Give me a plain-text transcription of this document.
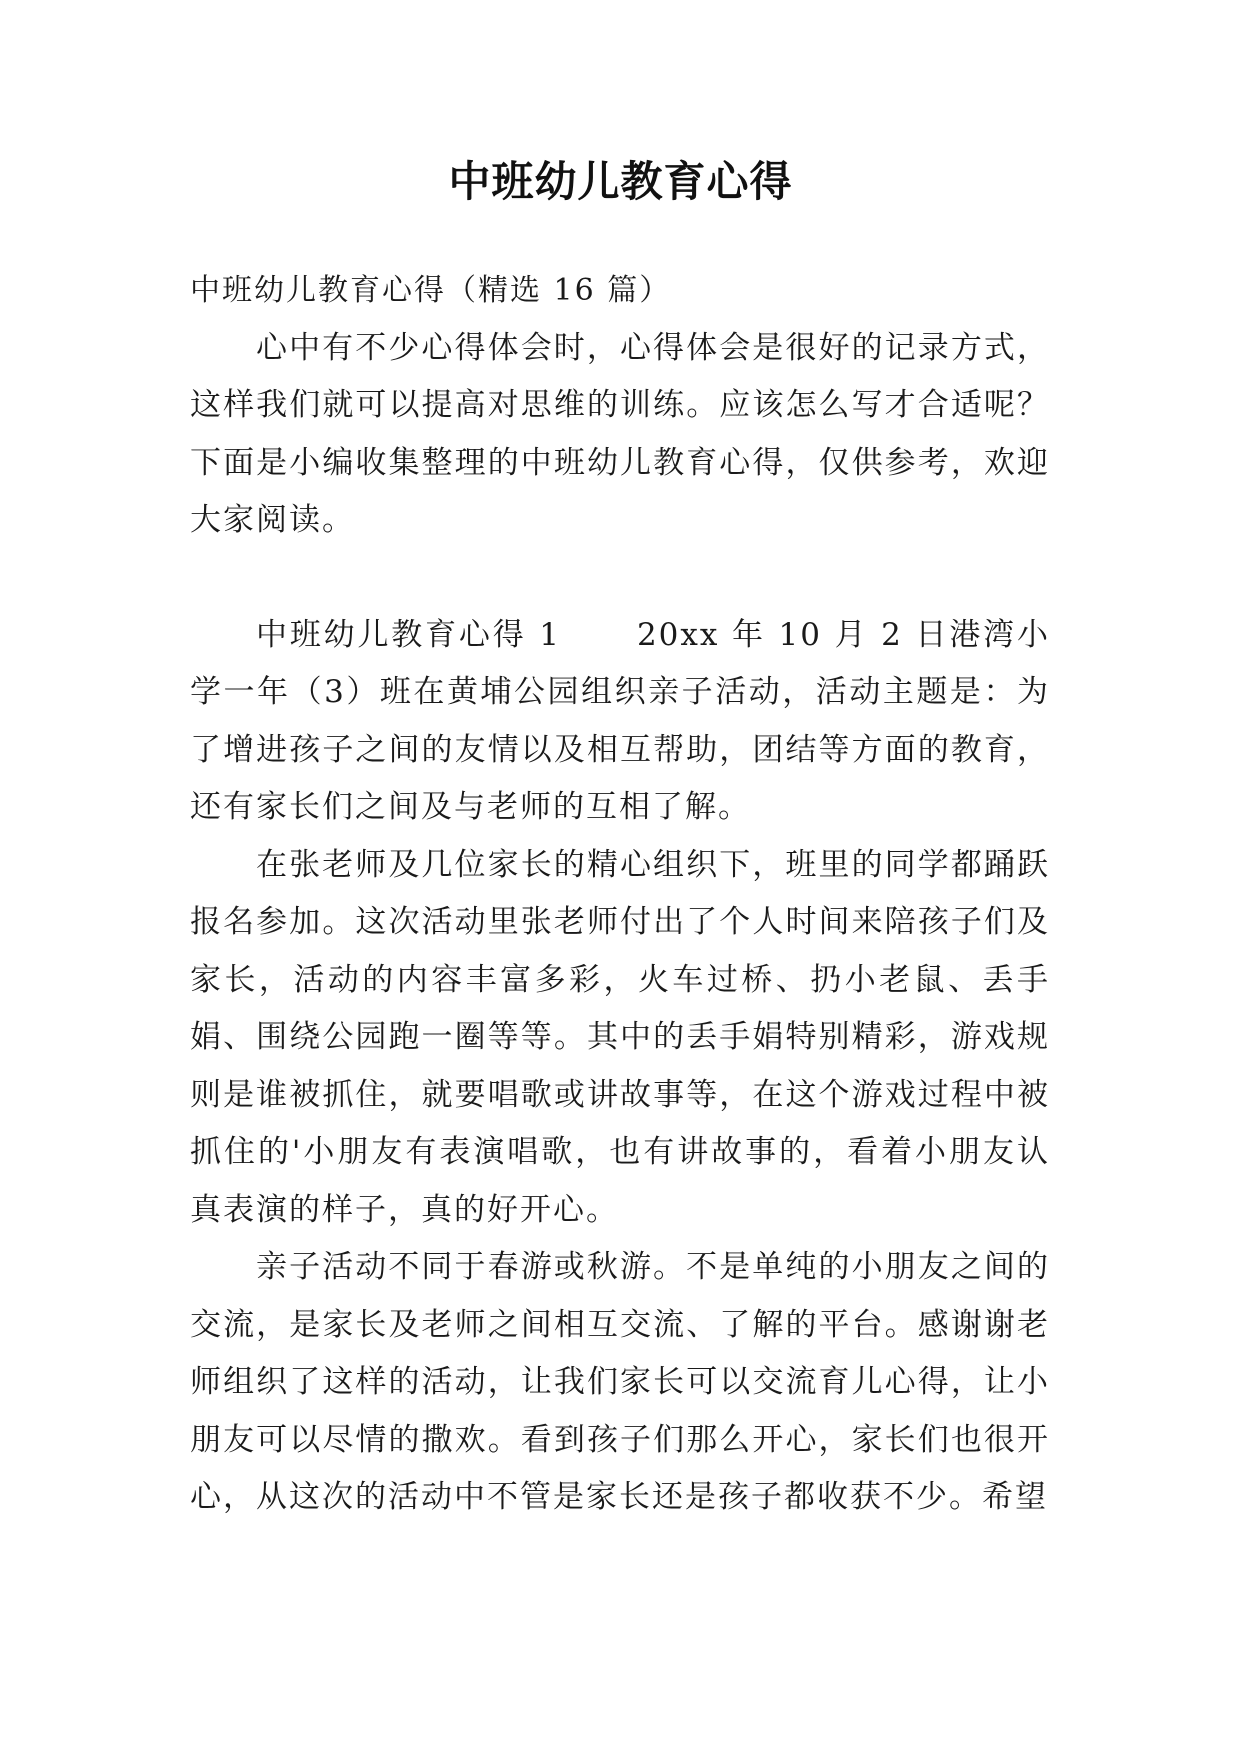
中班幼儿教育心得

中班幼儿教育心得（精选 16 篇）

心中有不少心得体会时，心得体会是很好的记录方式，这样我们就可以提高对思维的训练。应该怎么写才合适呢？下面是小编收集整理的中班幼儿教育心得，仅供参考，欢迎大家阅读。

中班幼儿教育心得 1 20xx 年 10 月 2 日港湾小学一年（3）班在黄埔公园组织亲子活动，活动主题是：为了增进孩子之间的友情以及相互帮助，团结等方面的教育，还有家长们之间及与老师的互相了解。

在张老师及几位家长的精心组织下，班里的同学都踊跃报名参加。这次活动里张老师付出了个人时间来陪孩子们及家长，活动的内容丰富多彩，火车过桥、扔小老鼠、丢手娟、围绕公园跑一圈等等。其中的丢手娟特别精彩，游戏规则是谁被抓住，就要唱歌或讲故事等，在这个游戏过程中被抓住的'小朋友有表演唱歌，也有讲故事的，看着小朋友认真表演的样子，真的好开心。

亲子活动不同于春游或秋游。不是单纯的小朋友之间的交流，是家长及老师之间相互交流、了解的平台。感谢谢老师组织了这样的活动，让我们家长可以交流育儿心得，让小朋友可以尽情的撒欢。看到孩子们那么开心，家长们也很开心，从这次的活动中不管是家长还是孩子都收获不少。希望
